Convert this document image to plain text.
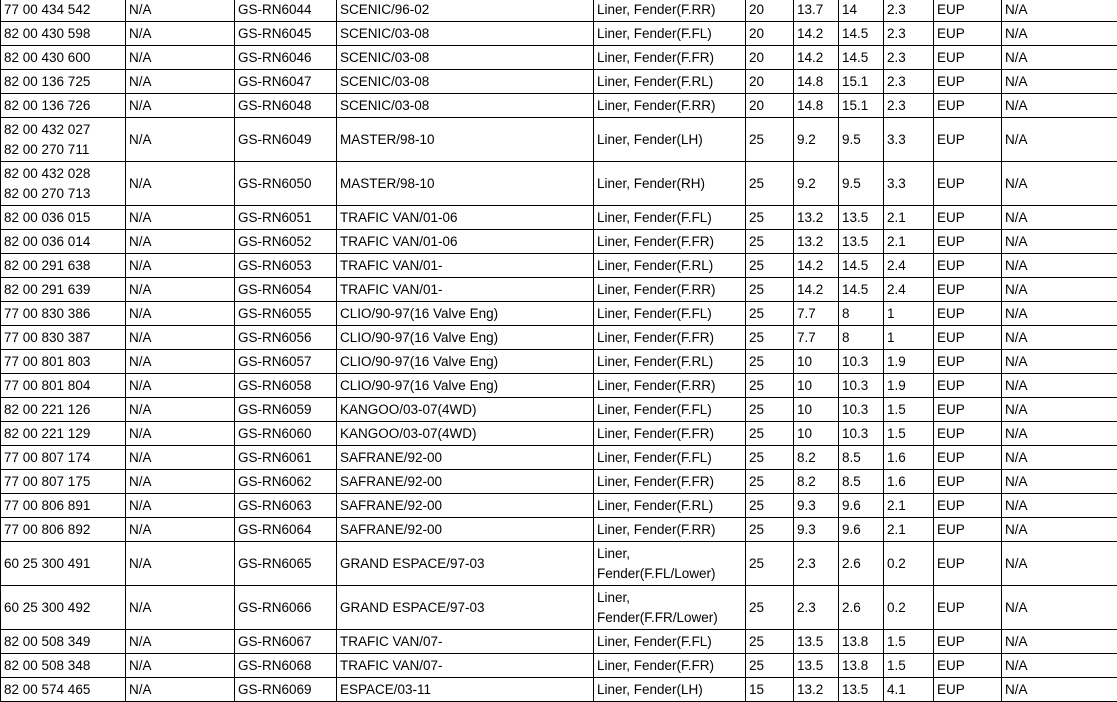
77 00 434 542	N/A	GS-RN6044	SCENIC/96-02	Liner, Fender(F.RR)	20	13.7	14	2.3	EUP	N/A
82 00 430 598	N/A	GS-RN6045	SCENIC/03-08	Liner, Fender(F.FL)	20	14.2	14.5	2.3	EUP	N/A
82 00 430 600	N/A	GS-RN6046	SCENIC/03-08	Liner, Fender(F.FR)	20	14.2	14.5	2.3	EUP	N/A
82 00 136 725	N/A	GS-RN6047	SCENIC/03-08	Liner, Fender(F.RL)	20	14.8	15.1	2.3	EUP	N/A
82 00 136 726	N/A	GS-RN6048	SCENIC/03-08	Liner, Fender(F.RR)	20	14.8	15.1	2.3	EUP	N/A
82 00 432 027
82 00 270 711	N/A	GS-RN6049	MASTER/98-10	Liner, Fender(LH)	25	9.2	9.5	3.3	EUP	N/A
82 00 432 028
82 00 270 713	N/A	GS-RN6050	MASTER/98-10	Liner, Fender(RH)	25	9.2	9.5	3.3	EUP	N/A
82 00 036 015	N/A	GS-RN6051	TRAFIC VAN/01-06	Liner, Fender(F.FL)	25	13.2	13.5	2.1	EUP	N/A
82 00 036 014	N/A	GS-RN6052	TRAFIC VAN/01-06	Liner, Fender(F.FR)	25	13.2	13.5	2.1	EUP	N/A
82 00 291 638	N/A	GS-RN6053	TRAFIC VAN/01-	Liner, Fender(F.RL)	25	14.2	14.5	2.4	EUP	N/A
82 00 291 639	N/A	GS-RN6054	TRAFIC VAN/01-	Liner, Fender(F.RR)	25	14.2	14.5	2.4	EUP	N/A
77 00 830 386	N/A	GS-RN6055	CLIO/90-97(16 Valve Eng)	Liner, Fender(F.FL)	25	7.7	8	1	EUP	N/A
77 00 830 387	N/A	GS-RN6056	CLIO/90-97(16 Valve Eng)	Liner, Fender(F.FR)	25	7.7	8	1	EUP	N/A
77 00 801 803	N/A	GS-RN6057	CLIO/90-97(16 Valve Eng)	Liner, Fender(F.RL)	25	10	10.3	1.9	EUP	N/A
77 00 801 804	N/A	GS-RN6058	CLIO/90-97(16 Valve Eng)	Liner, Fender(F.RR)	25	10	10.3	1.9	EUP	N/A
82 00 221 126	N/A	GS-RN6059	KANGOO/03-07(4WD)	Liner, Fender(F.FL)	25	10	10.3	1.5	EUP	N/A
82 00 221 129	N/A	GS-RN6060	KANGOO/03-07(4WD)	Liner, Fender(F.FR)	25	10	10.3	1.5	EUP	N/A
77 00 807 174	N/A	GS-RN6061	SAFRANE/92-00	Liner, Fender(F.FL)	25	8.2	8.5	1.6	EUP	N/A
77 00 807 175	N/A	GS-RN6062	SAFRANE/92-00	Liner, Fender(F.FR)	25	8.2	8.5	1.6	EUP	N/A
77 00 806 891	N/A	GS-RN6063	SAFRANE/92-00	Liner, Fender(F.RL)	25	9.3	9.6	2.1	EUP	N/A
77 00 806 892	N/A	GS-RN6064	SAFRANE/92-00	Liner, Fender(F.RR)	25	9.3	9.6	2.1	EUP	N/A
60 25 300 491	N/A	GS-RN6065	GRAND ESPACE/97-03	Liner,
Fender(F.FL/Lower)	25	2.3	2.6	0.2	EUP	N/A
60 25 300 492	N/A	GS-RN6066	GRAND ESPACE/97-03	Liner,
Fender(F.FR/Lower)	25	2.3	2.6	0.2	EUP	N/A
82 00 508 349	N/A	GS-RN6067	TRAFIC VAN/07-	Liner, Fender(F.FL)	25	13.5	13.8	1.5	EUP	N/A
82 00 508 348	N/A	GS-RN6068	TRAFIC VAN/07-	Liner, Fender(F.FR)	25	13.5	13.8	1.5	EUP	N/A
82 00 574 465	N/A	GS-RN6069	ESPACE/03-11	Liner, Fender(LH)	15	13.2	13.5	4.1	EUP	N/A
